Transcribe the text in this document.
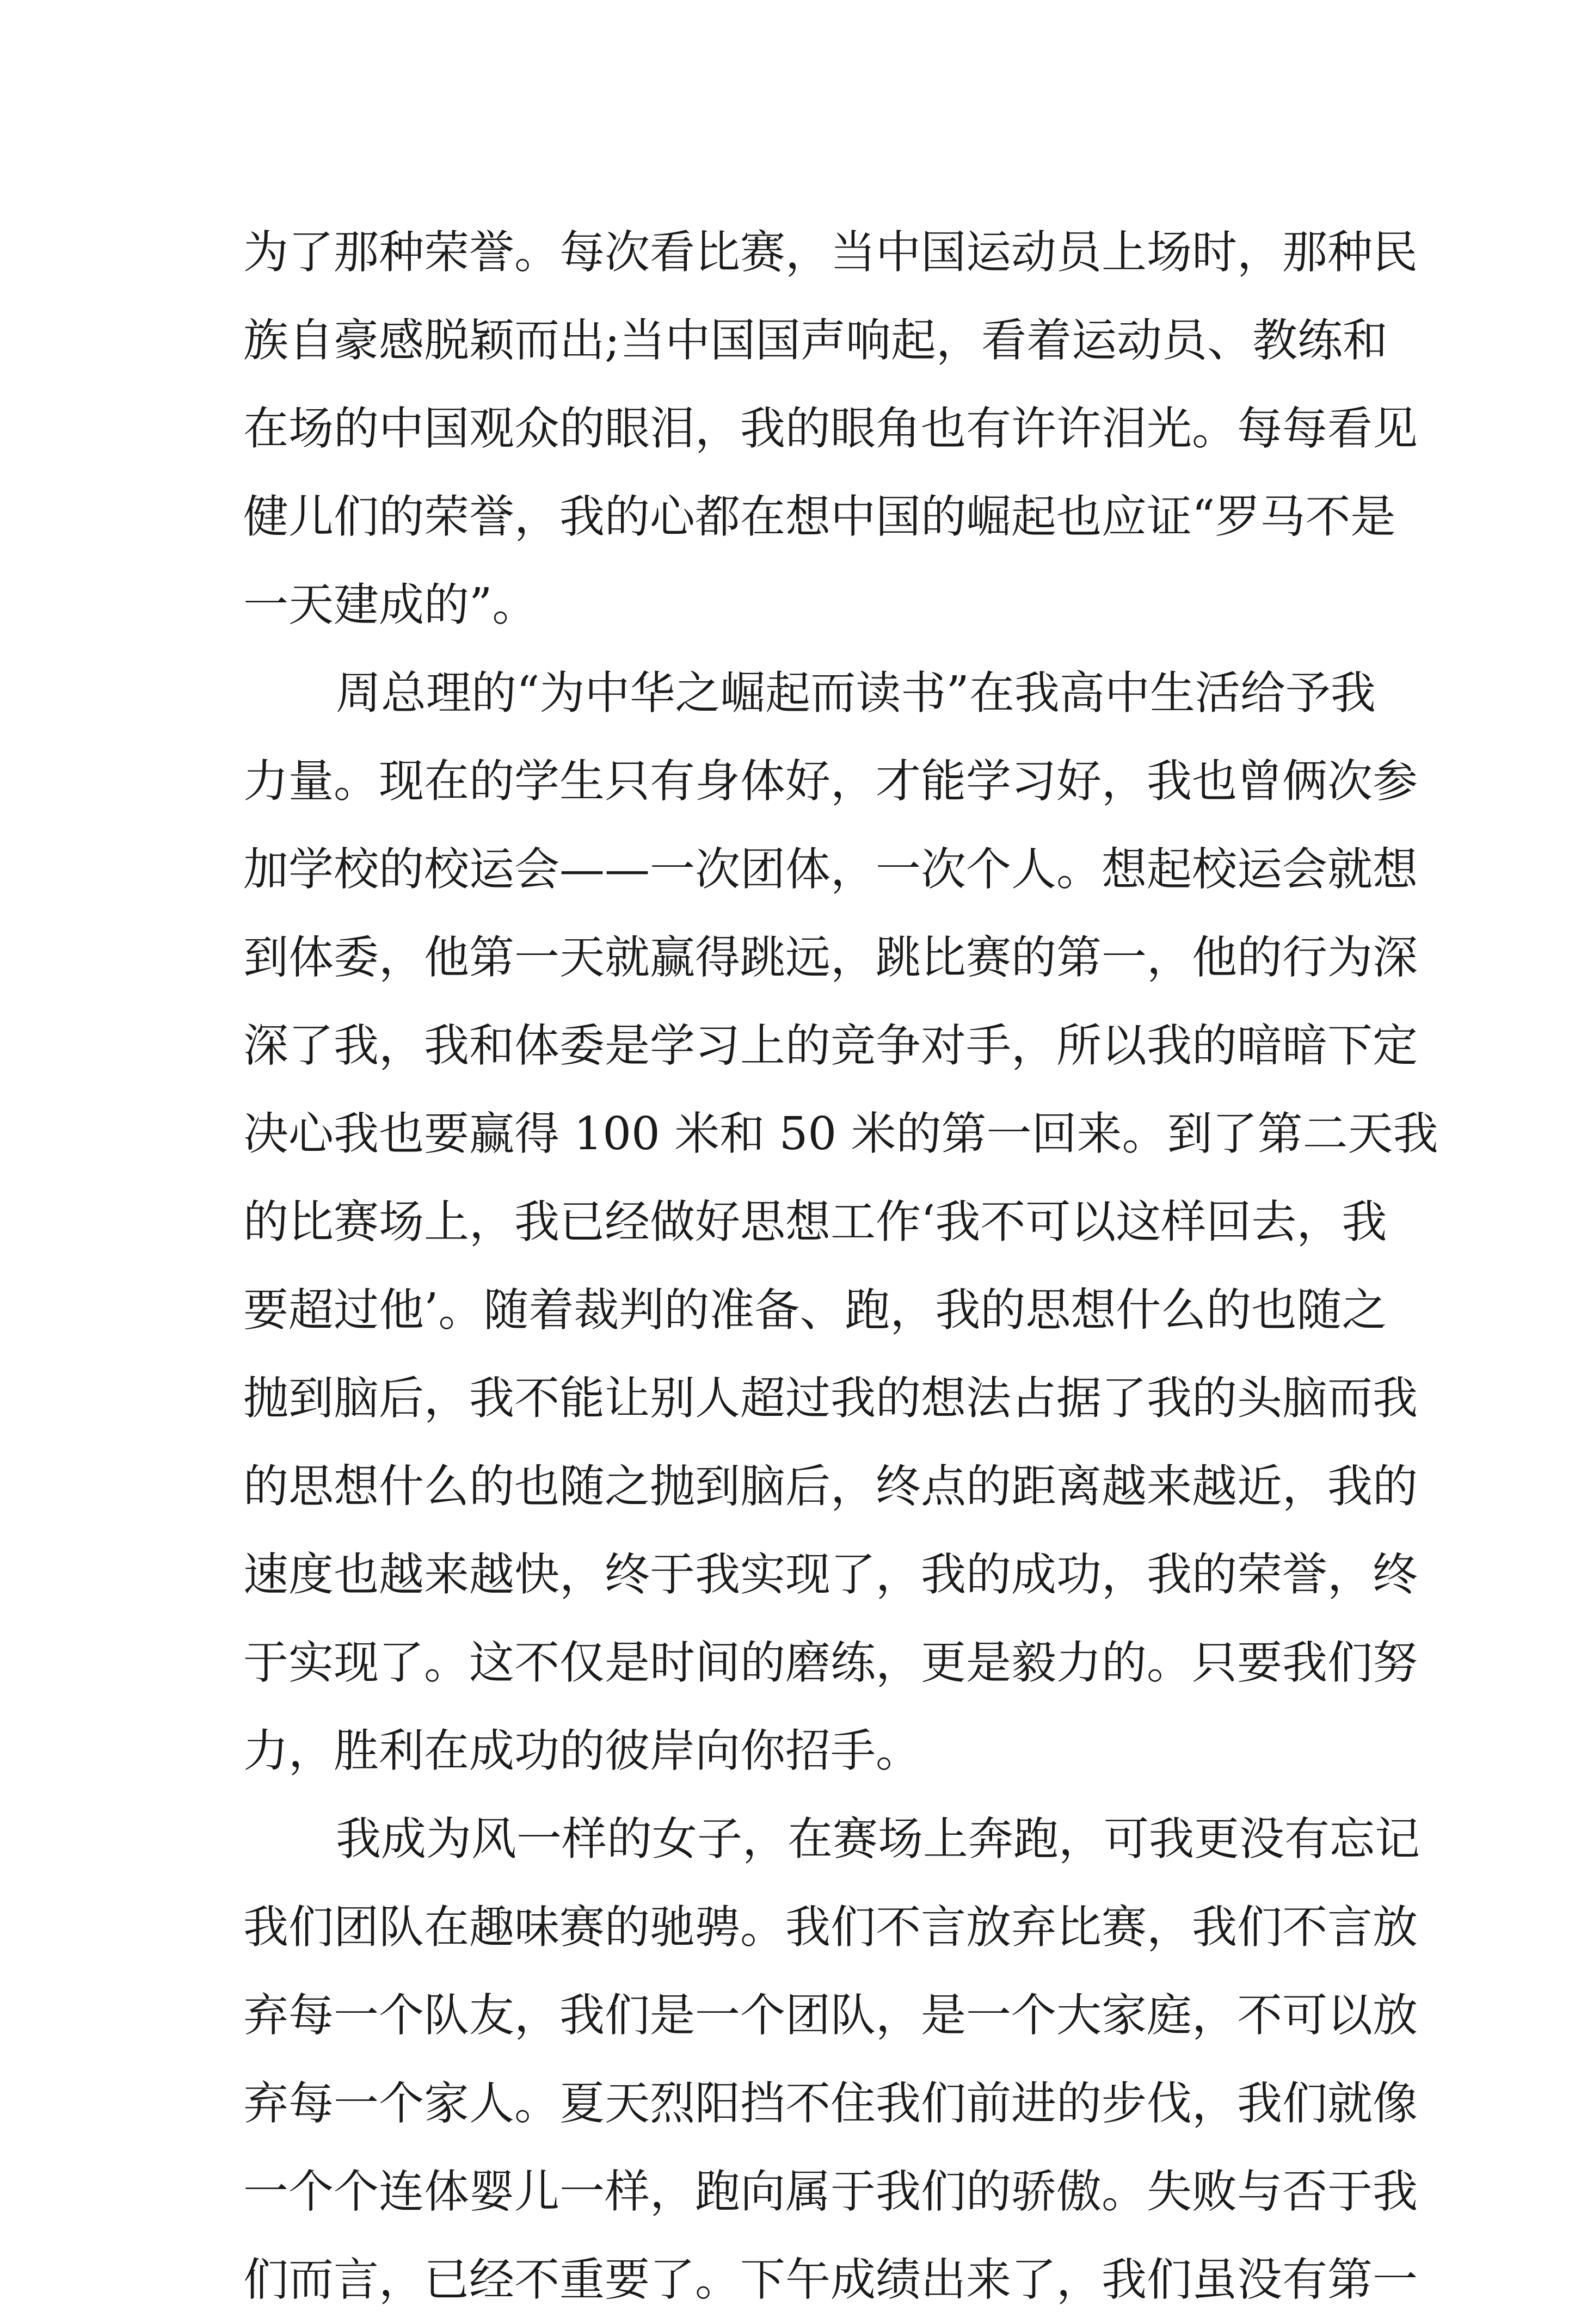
为了那种荣誉。每次看比赛，当中国运动员上场时，那种民
族自豪感脱颖而出;当中国国声响起，看着运动员、教练和
在场的中国观众的眼泪，我的眼角也有许许泪光。每每看见
健儿们的荣誉，我的心都在想中国的崛起也应证“罗马不是
一天建成的”。
周总理的“为中华之崛起而读书”在我高中生活给予我
力量。现在的学生只有身体好，才能学习好，我也曾俩次参
加学校的校运会——一次团体，一次个人。想起校运会就想
到体委，他第一天就赢得跳远，跳比赛的第一，他的行为深
深了我，我和体委是学习上的竞争对手，所以我的暗暗下定
决心我也要赢得 100 米和 50 米的第一回来。到了第二天我
的比赛场上，我已经做好思想工作‘我不可以这样回去，我
要超过他’。随着裁判的准备、跑，我的思想什么的也随之
抛到脑后，我不能让别人超过我的想法占据了我的头脑而我
的思想什么的也随之抛到脑后，终点的距离越来越近，我的
速度也越来越快，终于我实现了，我的成功，我的荣誉，终
于实现了。这不仅是时间的磨练，更是毅力的。只要我们努
力，胜利在成功的彼岸向你招手。
我成为风一样的女子，在赛场上奔跑，可我更没有忘记
我们团队在趣味赛的驰骋。我们不言放弃比赛，我们不言放
弃每一个队友，我们是一个团队，是一个大家庭，不可以放
弃每一个家人。夏天烈阳挡不住我们前进的步伐，我们就像
一个个连体婴儿一样，跑向属于我们的骄傲。失败与否于我
们而言，已经不重要了。下午成绩出来了，我们虽没有第一
